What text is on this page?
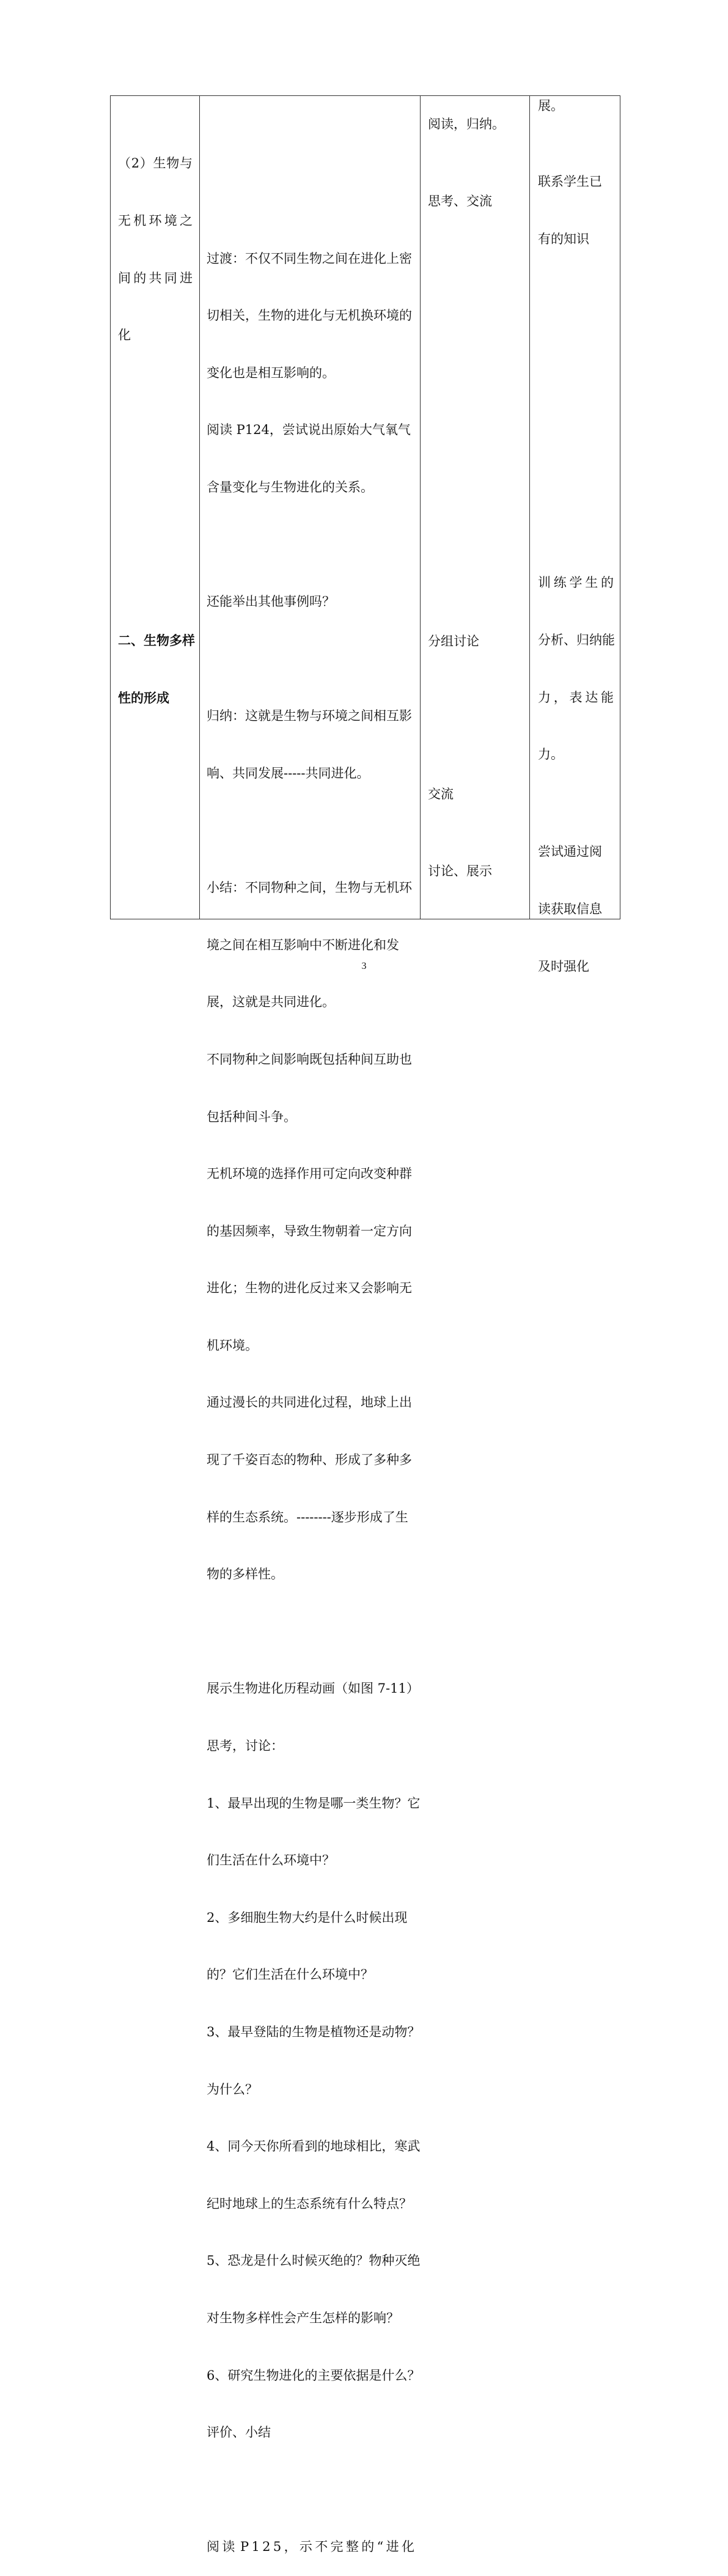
（ 2 ） 生 物 与

无 机 环 境 之

间 的 共 同 进

化

二、生物多样

性的形成

过渡：不仅不同生物之间在进化上密

切相关，生物的进化与无机换环境的

变化也是相互影响的。

阅读 P124，尝试说出原始大气氧气

含量变化与生物进化的关系。

还能举出其他事例吗？

归纳：这就是生物与环境之间相互影

响、共同发展-----共同进化。

小结：不同物种之间，生物与无机环

境之间在相互影响中不断进化和发

展，这就是共同进化。

不同物种之间影响既包括种间互助也

包括种间斗争。

无机环境的选择作用可定向改变种群

的基因频率，导致生物朝着一定方向

进化；生物的进化反过来又会影响无

机环境。

通过漫长的共同进化过程，地球上出

现了千姿百态的物种、形成了多种多

样的生态系统。--------逐步形成了生

物的多样性。

展示生物进化历程动画（如图 7-11）

思考，讨论：

1、最早出现的生物是哪一类生物？它

们生活在什么环境中？

2、多细胞生物大约是什么时候出现

的？它们生活在什么环境中？

3、最早登陆的生物是植物还是动物？

为什么？

4、同今天你所看到的地球相比，寒武

纪时地球上的生态系统有什么特点？

5、恐龙是什么时候灭绝的？物种灭绝

对生物多样性会产生怎样的影响？

6、研究生物进化的主要依据是什么？

评价、小结

阅 读 P 1 2 5 ， 示 不 完 整 的 “ 进 化

阅读，归纳。
思考、交流
分组讨论
交流
讨论、展示
展。

联系学生已

有的知识

训 练 学 生 的

分析、归纳能

力 ， 表 达 能

力。

尝试通过阅

读获取信息

及时强化

3
